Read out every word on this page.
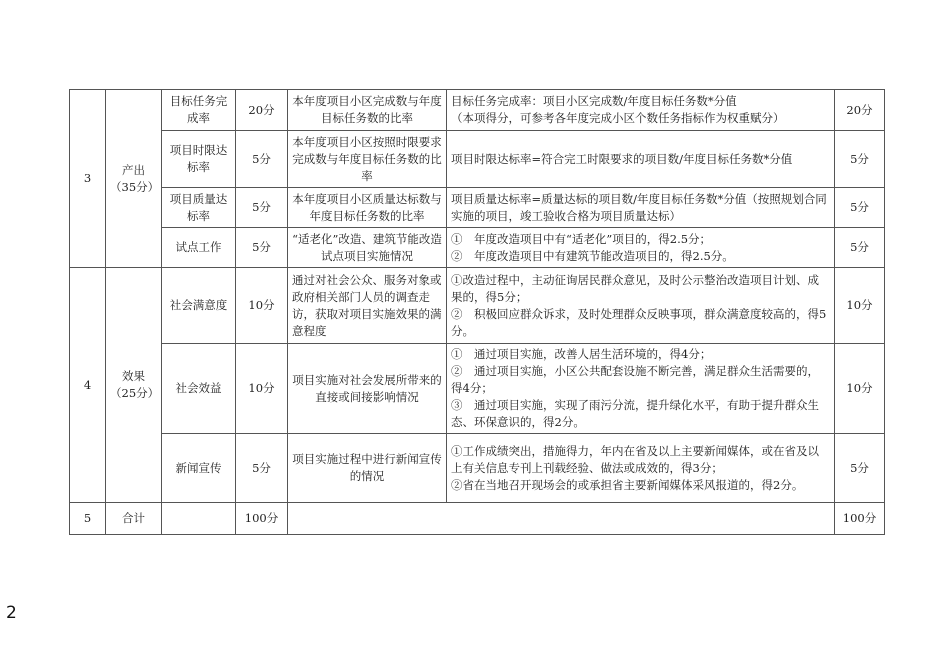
3	产出（35分）	目标任务完成率	20分	本年度项目小区完成数与年度目标任务数的比率	目标任务完成率：项目小区完成数/年度目标任务数*分值
（本项得分，可参考各年度完成小区个数任务指标作为权重赋分）	20分
		项目时限达标率	5分	本年度项目小区按照时限要求完成数与年度目标任务数的比率	项目时限达标率=符合完工时限要求的项目数/年度目标任务数*分值	5分
		项目质量达标率	5分	本年度项目小区质量达标数与年度目标任务数的比率	项目质量达标率=质量达标的项目数/年度目标任务数*分值（按照规划合同实施的项目，竣工验收合格为项目质量达标）	5分
		试点工作	5分	“适老化”改造、建筑节能改造试点项目实施情况	①　年度改造项目中有“适老化”项目的，得2.5分；
②　年度改造项目中有建筑节能改造项目的，得2.5分。	5分
4	效果（25分）	社会满意度	10分	通过对社会公众、服务对象或政府相关部门人员的调查走访，获取对项目实施效果的满意程度	①改造过程中，主动征询居民群众意见，及时公示整治改造项目计划、成果的，得5分；
②　积极回应群众诉求，及时处理群众反映事项，群众满意度较高的，得5分。	10分
		社会效益	10分	项目实施对社会发展所带来的直接或间接影响情况	①　通过项目实施，改善人居生活环境的，得4分；
②　通过项目实施，小区公共配套设施不断完善，满足群众生活需要的，得4分；
③　通过项目实施，实现了雨污分流，提升绿化水平，有助于提升群众生态、环保意识的，得2分。	10分
		新闻宣传	5分	项目实施过程中进行新闻宣传的情况	①工作成绩突出，措施得力，年内在省及以上主要新闻媒体，或在省及以上有关信息专刊上刊载经验、做法或成效的，得3分；
②省在当地召开现场会的或承担省主要新闻媒体采风报道的，得2分。	5分
5	合计		100分			100分
2
